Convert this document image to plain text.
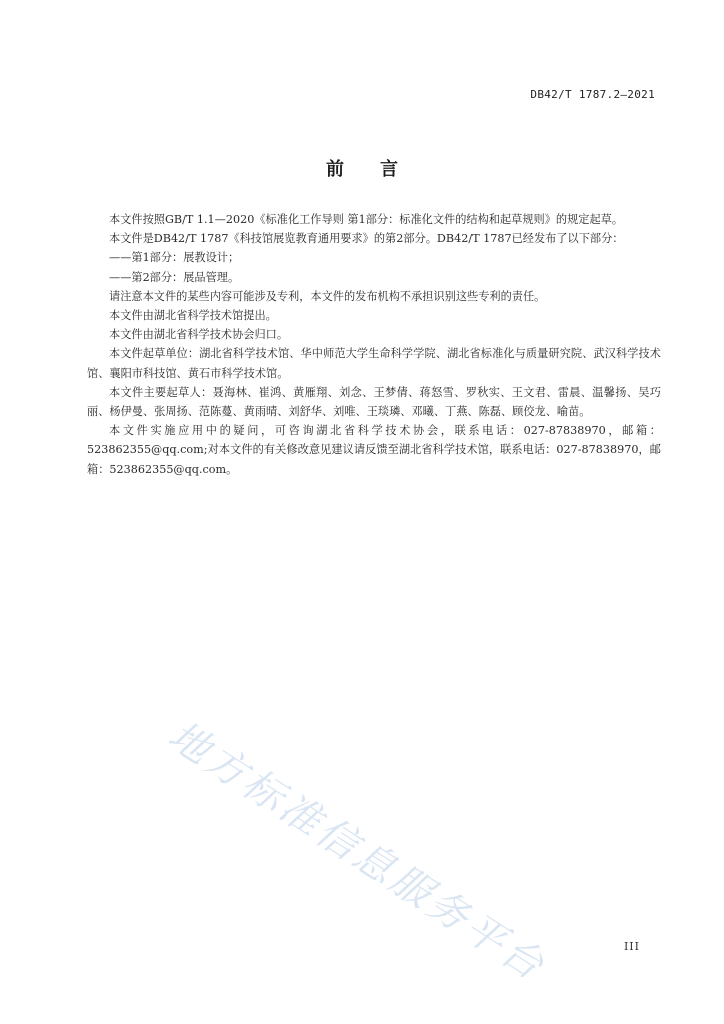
DB42/T 1787.2—2021
前言

本文件按照GB/T 1.1—2020《标准化工作导则 第1部分：标准化文件的结构和起草规则》的规定起草。

本文件是DB42/T 1787《科技馆展览教育通用要求》的第2部分。DB42/T 1787已经发布了以下部分：

——第1部分：展教设计；

——第2部分：展品管理。

请注意本文件的某些内容可能涉及专利，本文件的发布机构不承担识别这些专利的责任。

本文件由湖北省科学技术馆提出。

本文件由湖北省科学技术协会归口。

本文件起草单位：湖北省科学技术馆、华中师范大学生命科学学院、湖北省标准化与质量研究院、武汉科学技术馆、襄阳市科技馆、黄石市科学技术馆。

本文件主要起草人：聂海林、崔鸿、黄雁翔、刘念、王梦倩、蒋怒雪、罗秋实、王文君、雷晨、温馨扬、吴巧丽、杨伊曼、张周扬、范陈蔓、黄雨晴、刘舒华、刘唯、王琰璘、邓曦、丁燕、陈磊、顾佼龙、喻苗。

本文件实施应用中的疑问，可咨询湖北省科学技术协会，联系电话：027-87838970，邮箱：523862355@qq.com;对本文件的有关修改意见建议请反馈至湖北省科学技术馆，联系电话：027-87838970，邮箱：523862355@qq.com。

地方标准信息服务平台	III
